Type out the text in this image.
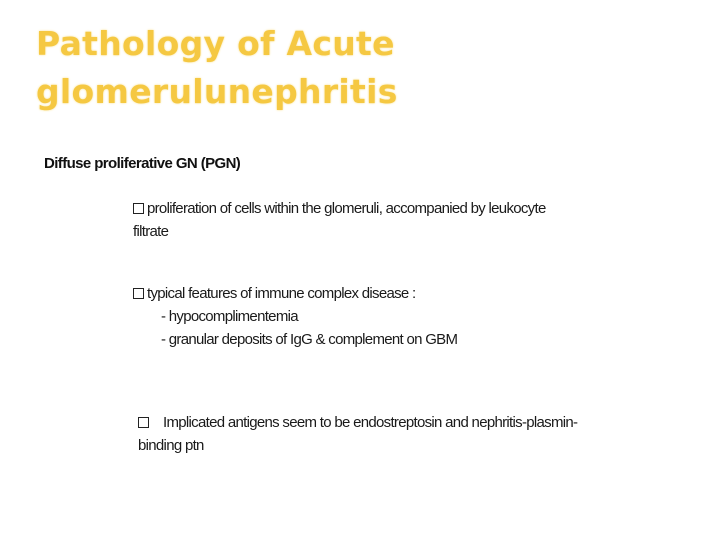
Pathology of Acute
glomerulunephritis

Diffuse proliferative GN (PGN)

proliferation of cells within the glomeruli, accompanied by leukocyte
filtrate

typical features of immune complex disease :
- hypocomplimentemia
- granular deposits of IgG & complement on GBM

Implicated antigens seem to be endostreptosin and nephritis-plasmin-
binding ptn
